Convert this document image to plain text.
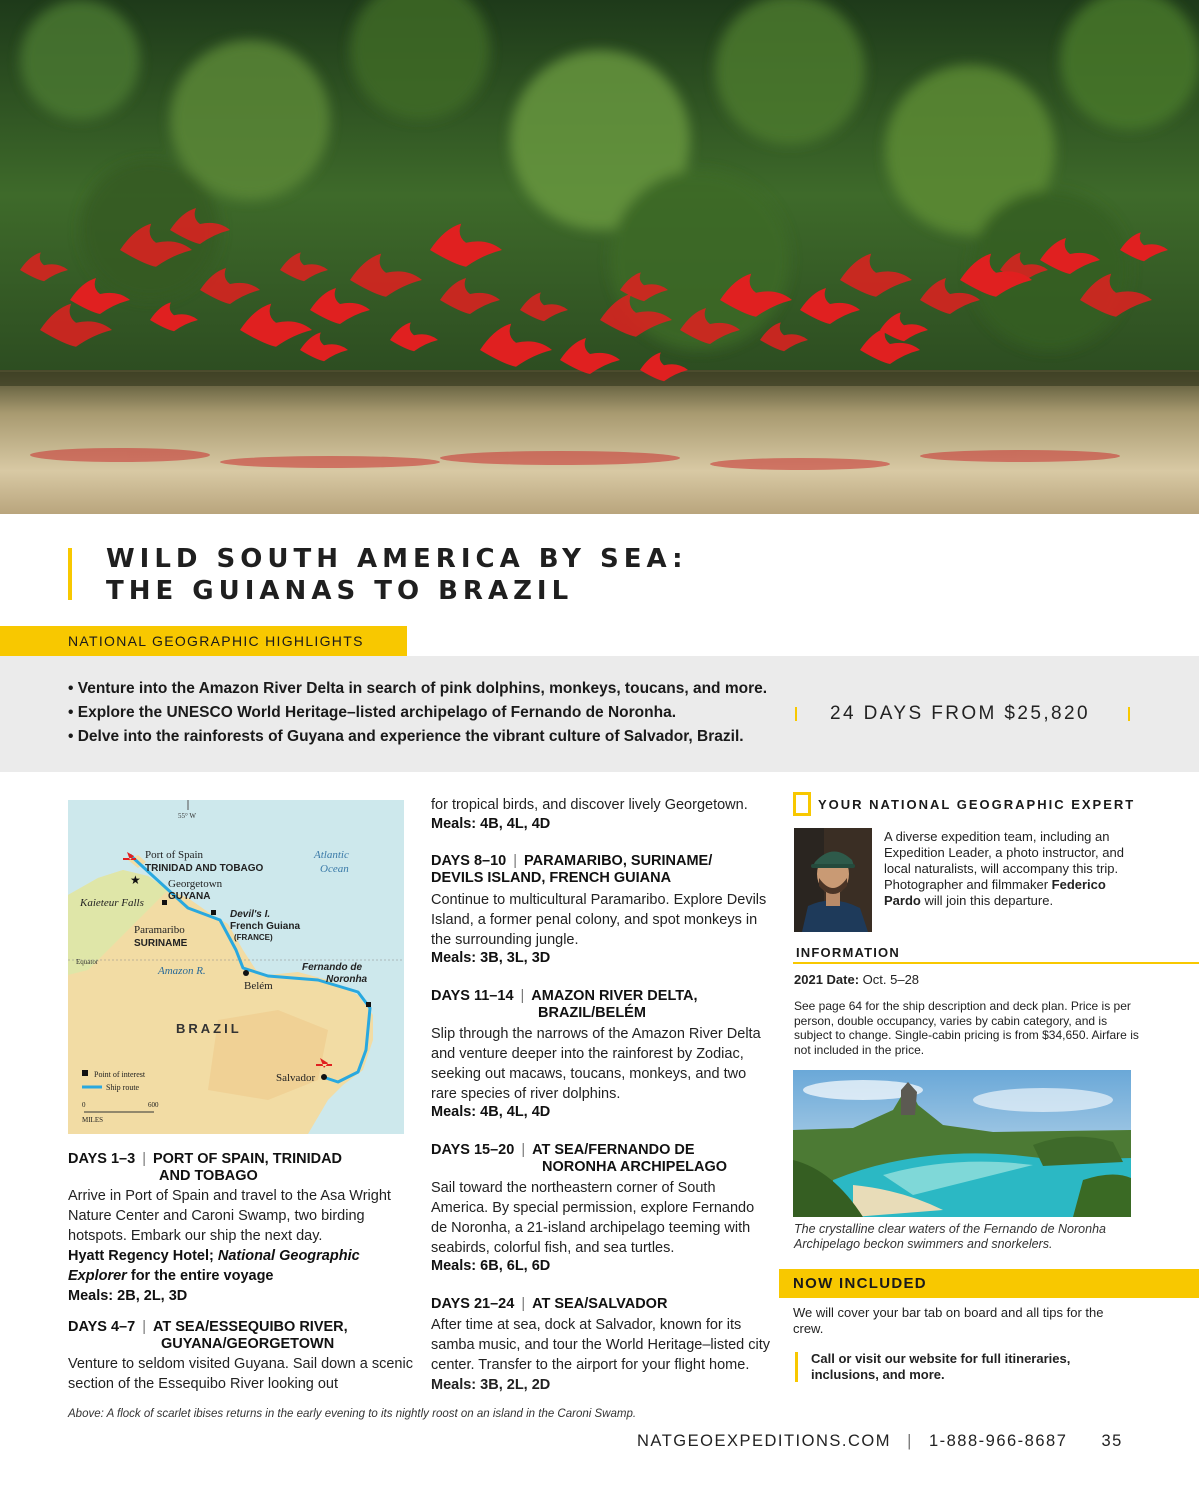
WILD SOUTH AMERICA BY SEA:
THE GUIANAS TO BRAZIL
NATIONAL GEOGRAPHIC HIGHLIGHTS
• Venture into the Amazon River Delta in search of pink dolphins, monkeys, toucans, and more.
• Explore the UNESCO World Heritage–listed archipelago of Fernando de Noronha.
• Delve into the rainforests of Guyana and experience the vibrant culture of Salvador, Brazil.
24 DAYS FROM $25,820
55° W
Equator
Port of Spain
TRINIDAD AND TOBAGO
Georgetown
GUYANA
Kaieteur Falls
Devil's I.
French Guiana
(FRANCE)
Paramaribo
SURINAME
Atlantic
Ocean
Amazon R.
Belém
Fernando de
Noronha
BRAZIL
Salvador
★
Point of interest
Ship route
0	600
MILES
DAYS 1–3 | PORT OF SPAIN, TRINIDAD
AND TOBAGO
Arrive in Port of Spain and travel to the Asa Wright Nature Center and Caroni Swamp, two birding hotspots. Embark our ship the next day.
Hyatt Regency Hotel; National Geographic Explorer for the entire voyage
Meals: 2B, 2L, 3D
DAYS 4–7 | AT SEA/ESSEQUIBO RIVER,
GUYANA/GEORGETOWN
Venture to seldom visited Guyana. Sail down a scenic section of the Essequibo River looking out
for tropical birds, and discover lively Georgetown.
Meals: 4B, 4L, 4D
DAYS 8–10 | PARAMARIBO, SURINAME/
DEVILS ISLAND, FRENCH GUIANA
Continue to multicultural Paramaribo. Explore Devils Island, a former penal colony, and spot monkeys in the surrounding jungle.
Meals: 3B, 3L, 3D
DAYS 11–14 | AMAZON RIVER DELTA,
BRAZIL/BELÉM
Slip through the narrows of the Amazon River Delta and venture deeper into the rainforest by Zodiac, seeking out macaws, toucans, monkeys, and two rare species of river dolphins.
Meals: 4B, 4L, 4D
DAYS 15–20 | AT SEA/FERNANDO DE
NORONHA ARCHIPELAGO
Sail toward the northeastern corner of South America. By special permission, explore Fernando de Noronha, a 21-island archipelago teeming with seabirds, colorful fish, and sea turtles.
Meals: 6B, 6L, 6D
DAYS 21–24 | AT SEA/SALVADOR
After time at sea, dock at Salvador, known for its samba music, and tour the World Heritage–listed city center. Transfer to the airport for your flight home. Meals: 3B, 2L, 2D
YOUR NATIONAL GEOGRAPHIC EXPERT
A diverse expedition team, including an Expedition Leader, a photo instructor, and local naturalists, will accompany this trip. Photographer and filmmaker Federico Pardo will join this departure.
INFORMATION
2021 Date: Oct. 5–28
See page 64 for the ship description and deck plan. Price is per person, double occupancy, varies by cabin category, and is subject to change. Single-cabin pricing is from $34,650. Airfare is not included in the price.
The crystalline clear waters of the Fernando de Noronha Archipelago beckon swimmers and snorkelers.
NOW INCLUDED
We will cover your bar tab on board and all tips for the crew.
Call or visit our website for full itineraries, inclusions, and more.
Above: A flock of scarlet ibises returns in the early evening to its nightly roost on an island in the Caroni Swamp.
NATGEOEXPEDITIONS.COM | 1-888-966-8687 35
